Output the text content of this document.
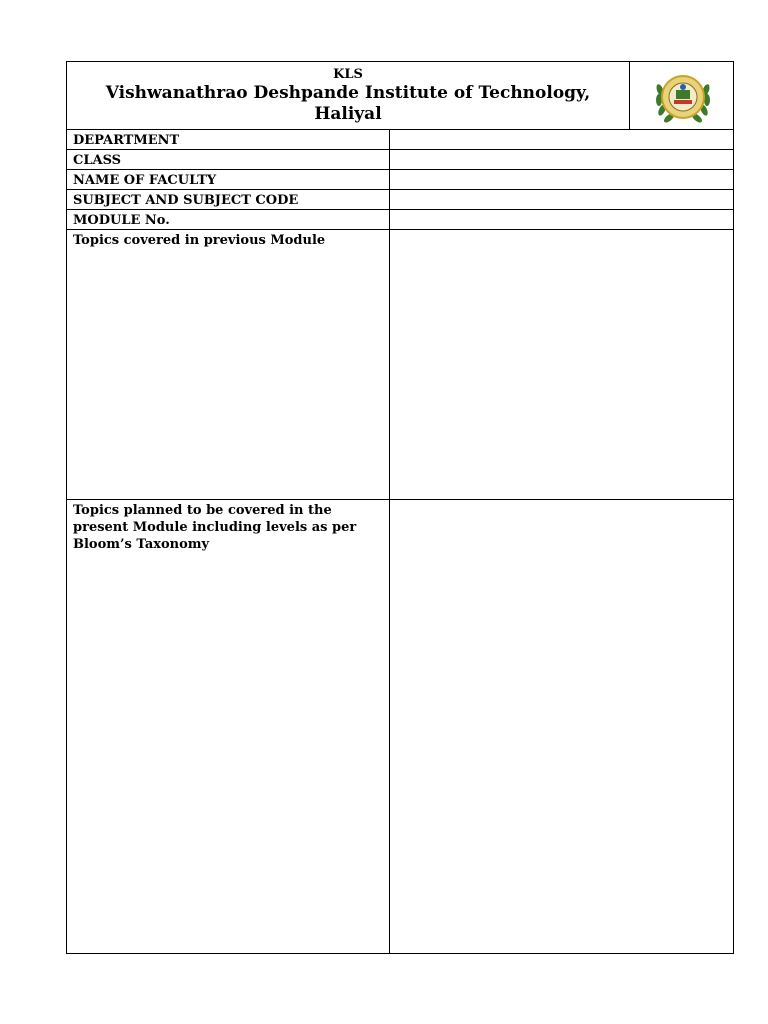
KLS
Vishwanathrao Deshpande Institute of Technology,
Haliyal
DEPARTMENT
CLASS
NAME OF FACULTY
SUBJECT AND SUBJECT CODE
MODULE No.
Topics covered in previous Module
Topics planned to be covered in the present Module including levels as per Bloom’s Taxonomy
